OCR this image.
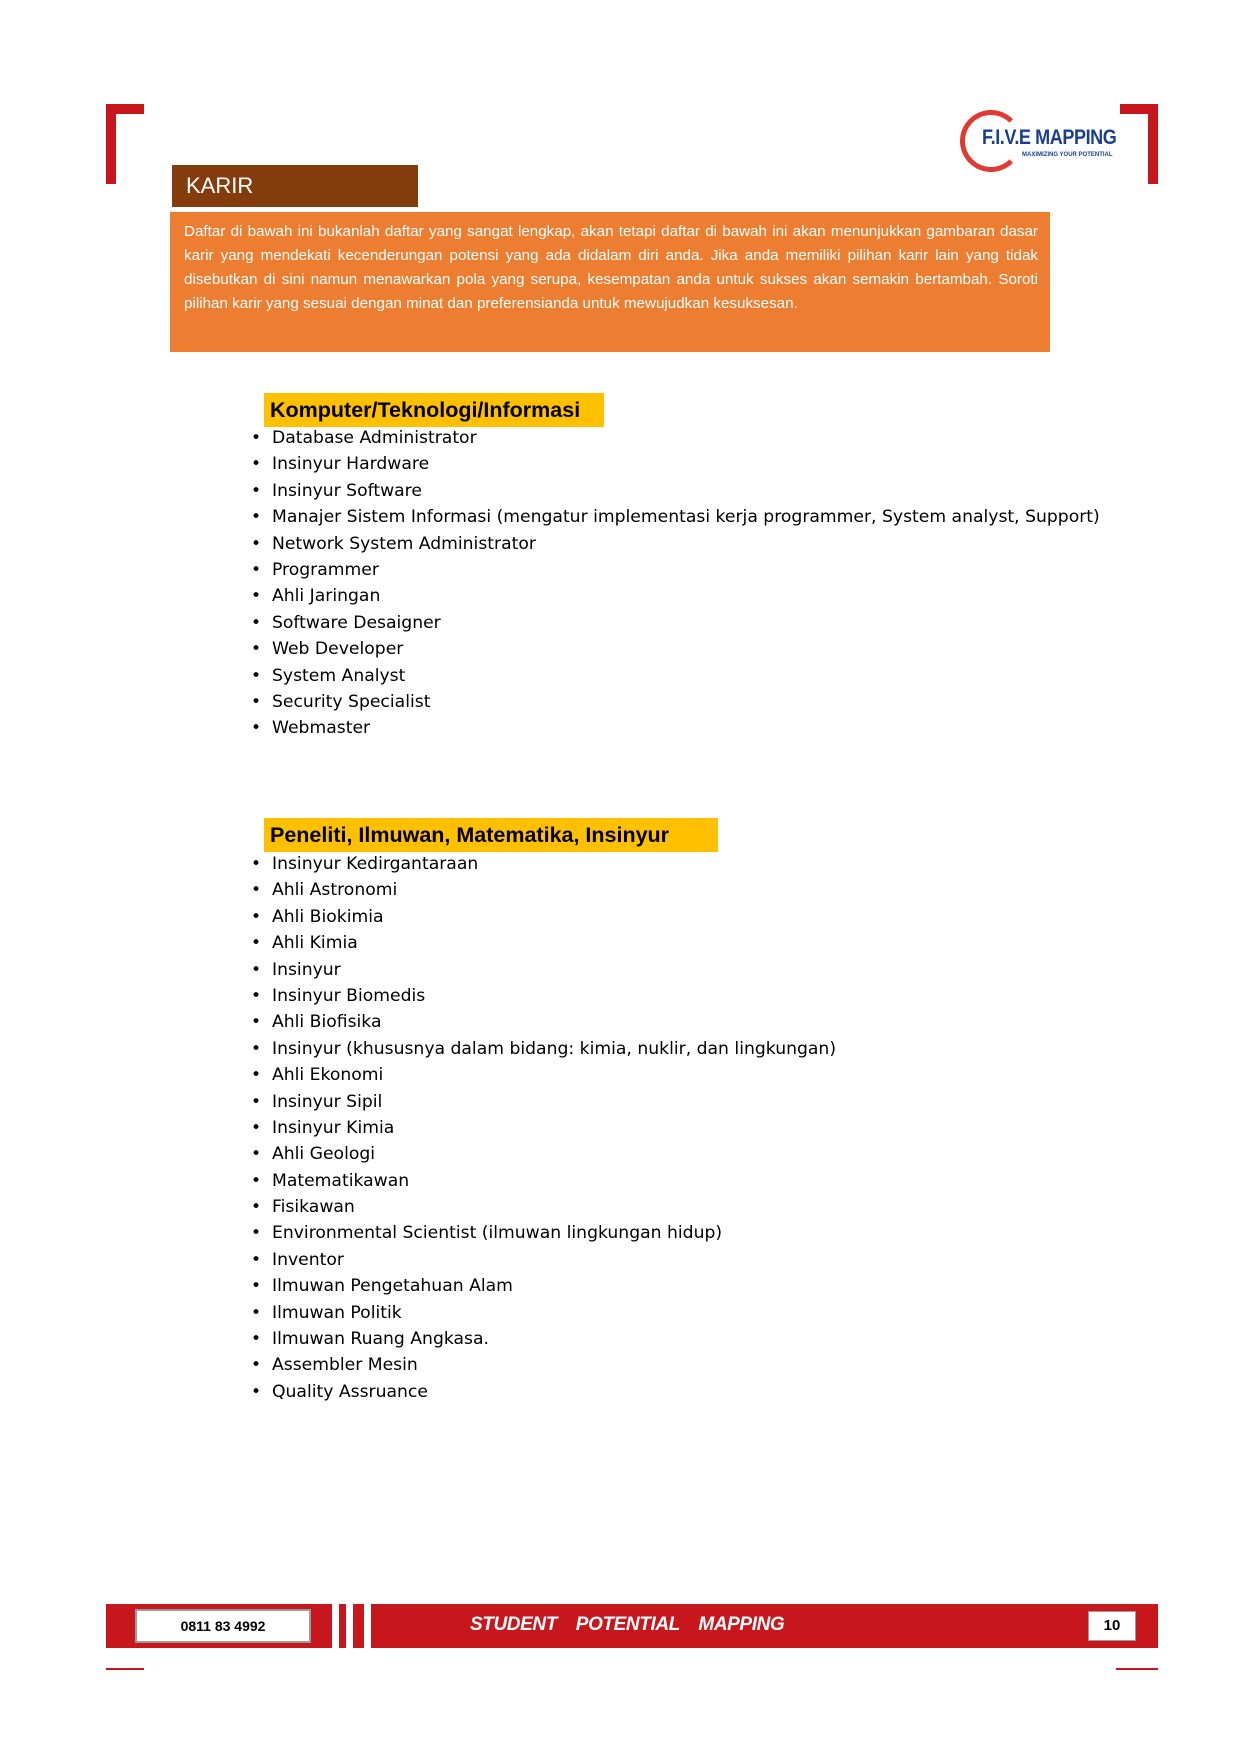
F.I.V.E MAPPING
MAXIMIZING YOUR POTENTIAL
KARIR

Daftar di bawah ini bukanlah daftar yang sangat lengkap, akan tetapi daftar di bawah ini akan menunjukkan gambaran dasar karir yang mendekati kecenderungan potensi yang ada didalam diri anda. Jika anda memiliki pilihan karir lain yang tidak disebutkan di sini namun menawarkan pola yang serupa, kesempatan anda untuk sukses akan semakin bertambah. Soroti pilihan karir yang sesuai dengan minat dan preferensianda untuk mewujudkan kesuksesan.

Komputer/Teknologi/Informasi
• Database Administrator
• Insinyur Hardware
• Insinyur Software
• Manajer Sistem Informasi (mengatur implementasi kerja programmer, System analyst, Support)
• Network System Administrator
• Programmer
• Ahli Jaringan
• Software Desaigner
• Web Developer
• System Analyst
• Security Specialist
• Webmaster
Peneliti, Ilmuwan, Matematika, Insinyur
• Insinyur Kedirgantaraan
• Ahli Astronomi
• Ahli Biokimia
• Ahli Kimia
• Insinyur
• Insinyur Biomedis
• Ahli Biofisika
• Insinyur (khususnya dalam bidang: kimia, nuklir, dan lingkungan)
• Ahli Ekonomi
• Insinyur Sipil
• Insinyur Kimia
• Ahli Geologi
• Matematikawan
• Fisikawan
• Environmental Scientist (ilmuwan lingkungan hidup)
• Inventor
• Ilmuwan Pengetahuan Alam
• Ilmuwan Politik
• Ilmuwan Ruang Angkasa.
• Assembler Mesin
• Quality Assruance
0811 83 4992	STUDENT POTENTIAL MAPPING	10
